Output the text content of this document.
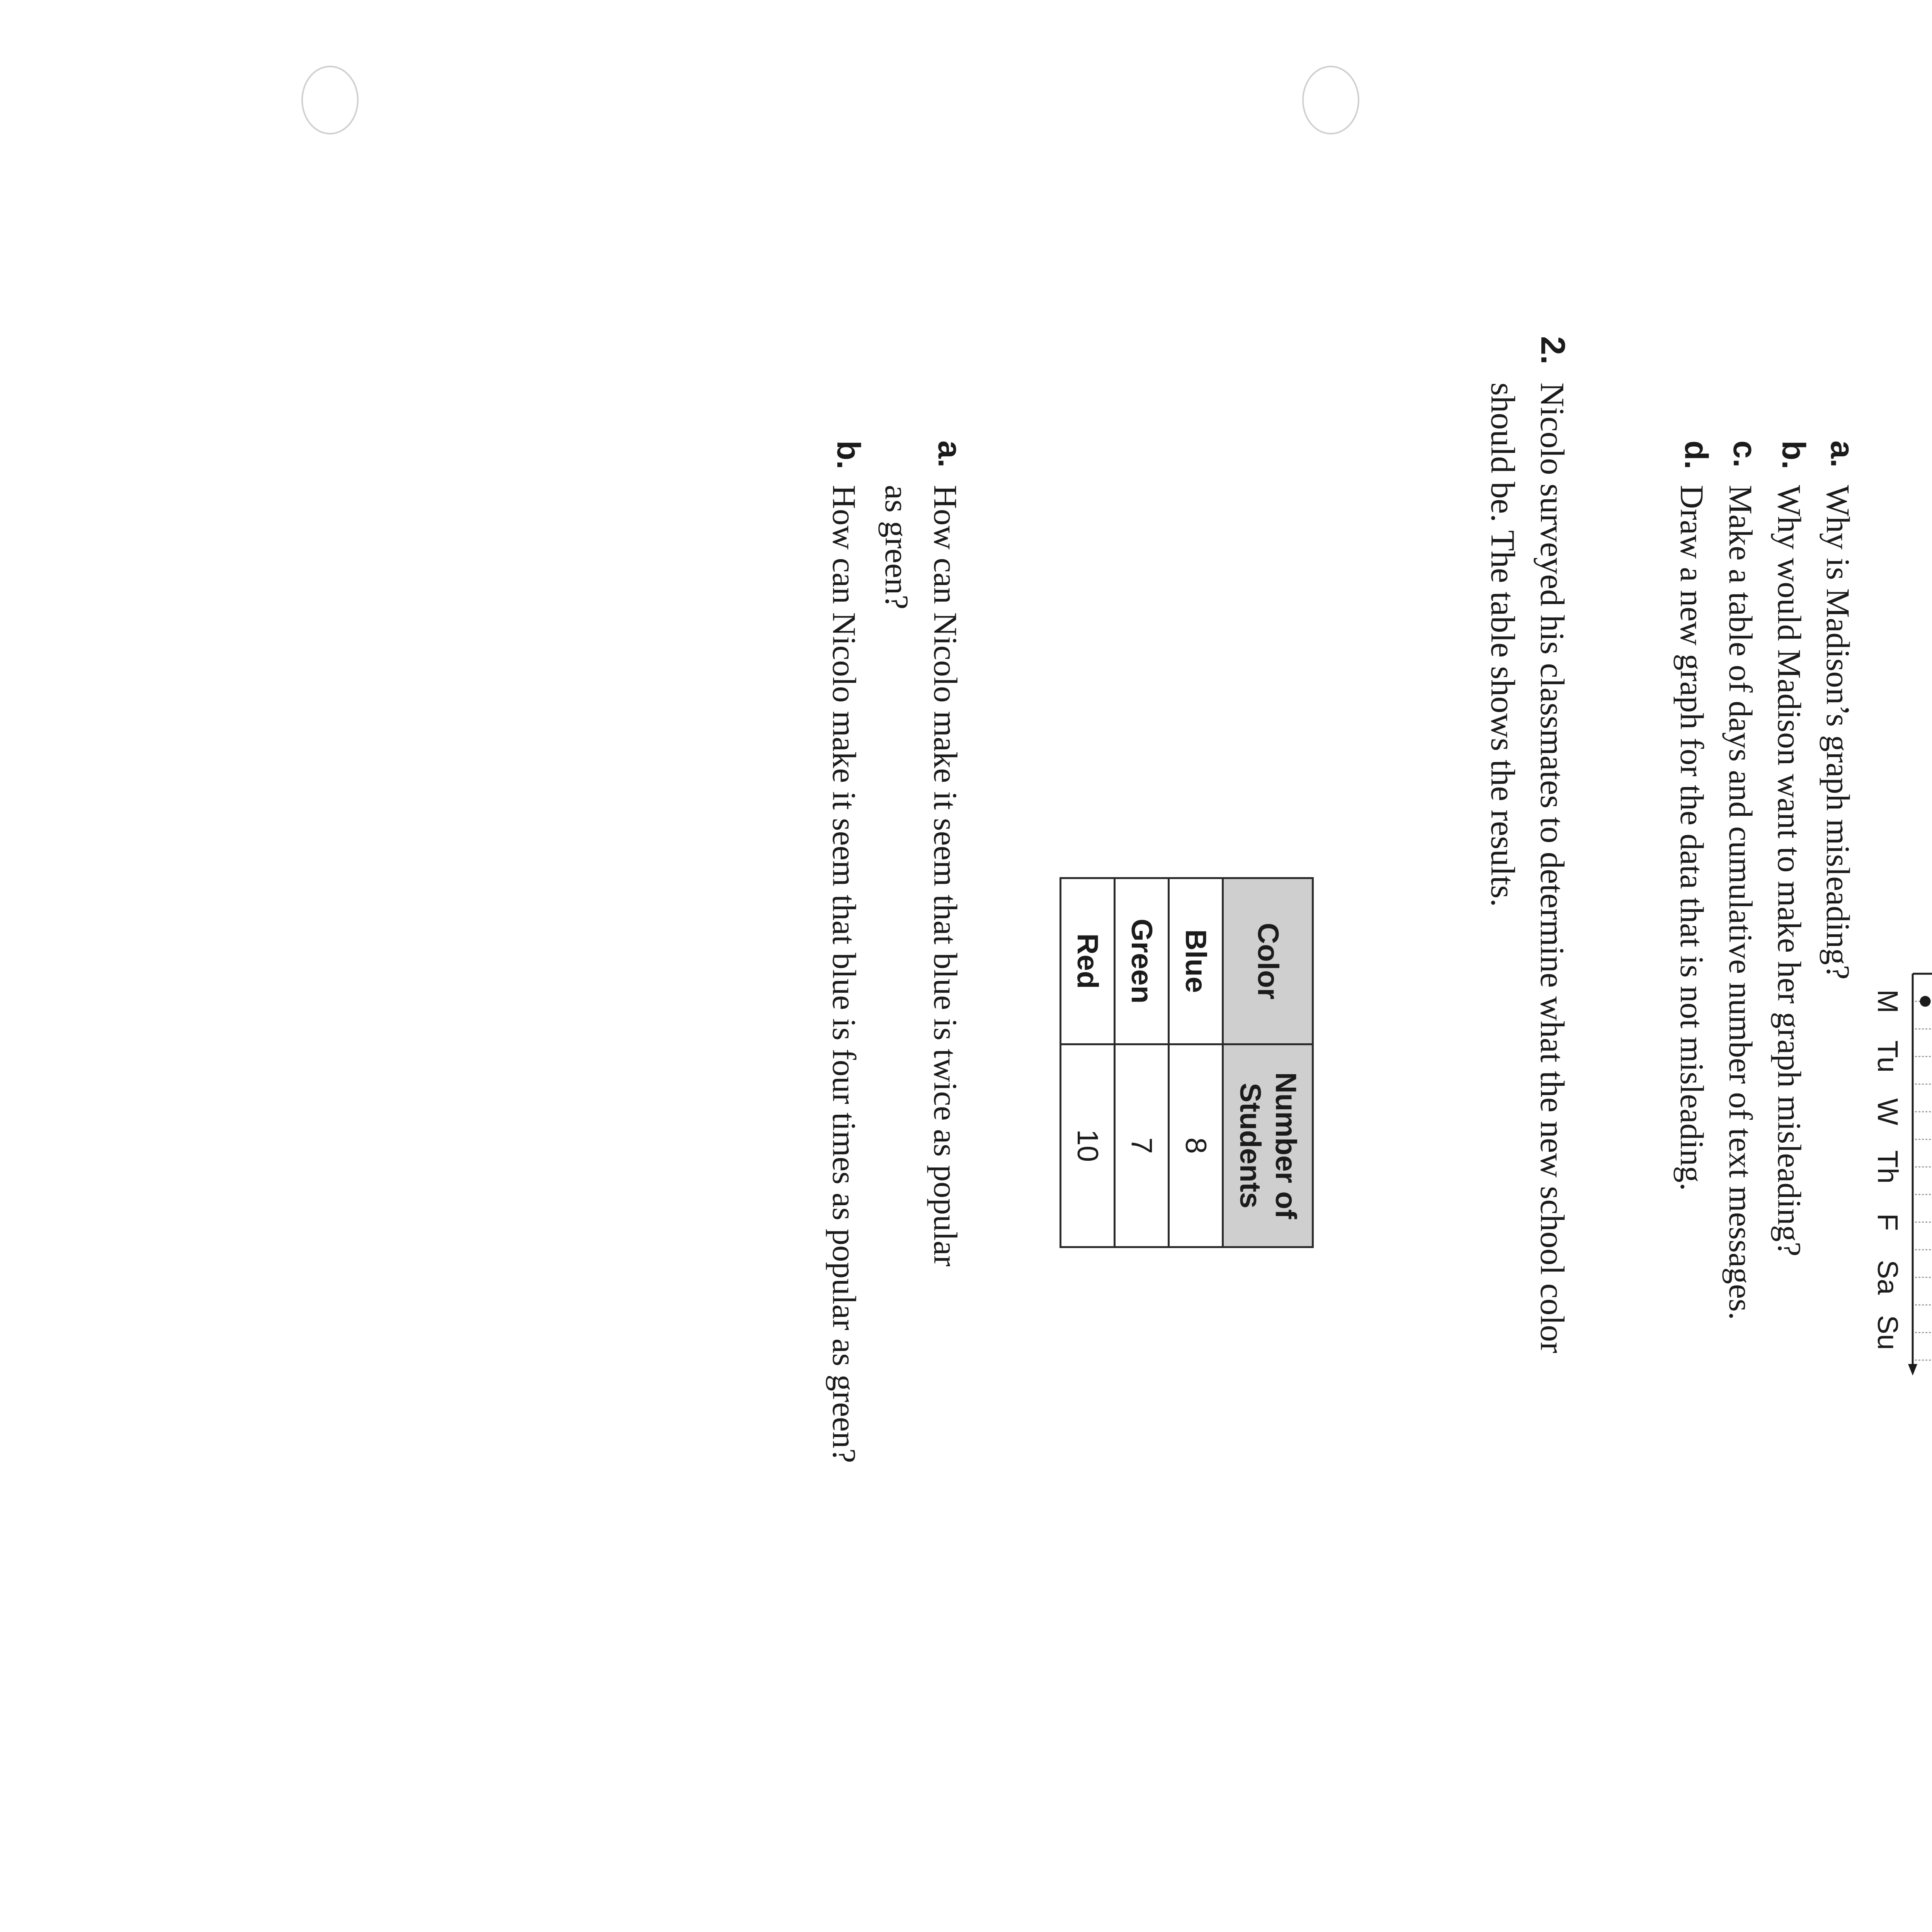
M
Tu
W
Th
F
Sa
Su
a.
Why is Madison’s graph misleading?
b.
Why would Madison want to make her graph misleading?
c.
Make a table of days and cumulative number of text messages.
d.
Draw a new graph for the data that is not misleading.
2.
Nicolo surveyed his classmates to determine what the new school color
should be. The table shows the results.
Color	Number of Students
Blue	8
Green	7
Red	10
a.
How can Nicolo make it seem that blue is twice as popular
as green?
b.
How can Nicolo make it seem that blue is four times as popular as green?
